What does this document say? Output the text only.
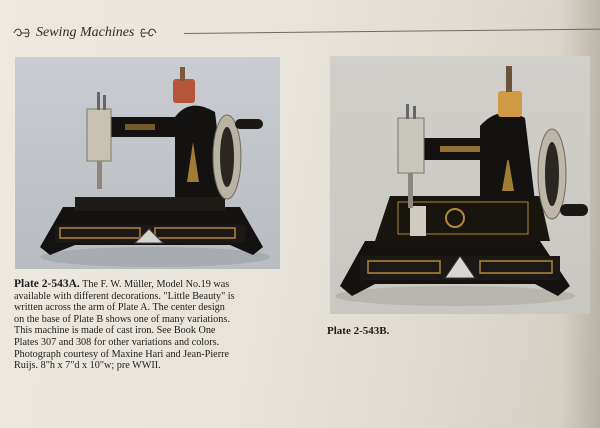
Sewing Machines
Plate 2-543A. The F. W. Müller, Model No.19 was
available with different decorations. "Little Beauty" is
written across the arm of Plate A. The center design
on the base of Plate B shows one of many variations.
This machine is made of cast iron. See Book One
Plates 307 and 308 for other variations and colors.
Photograph courtesy of Maxine Hari and Jean-Pierre
Ruijs. 8"h x 7"d x 10"w; pre WWII.
Plate 2-543B.
